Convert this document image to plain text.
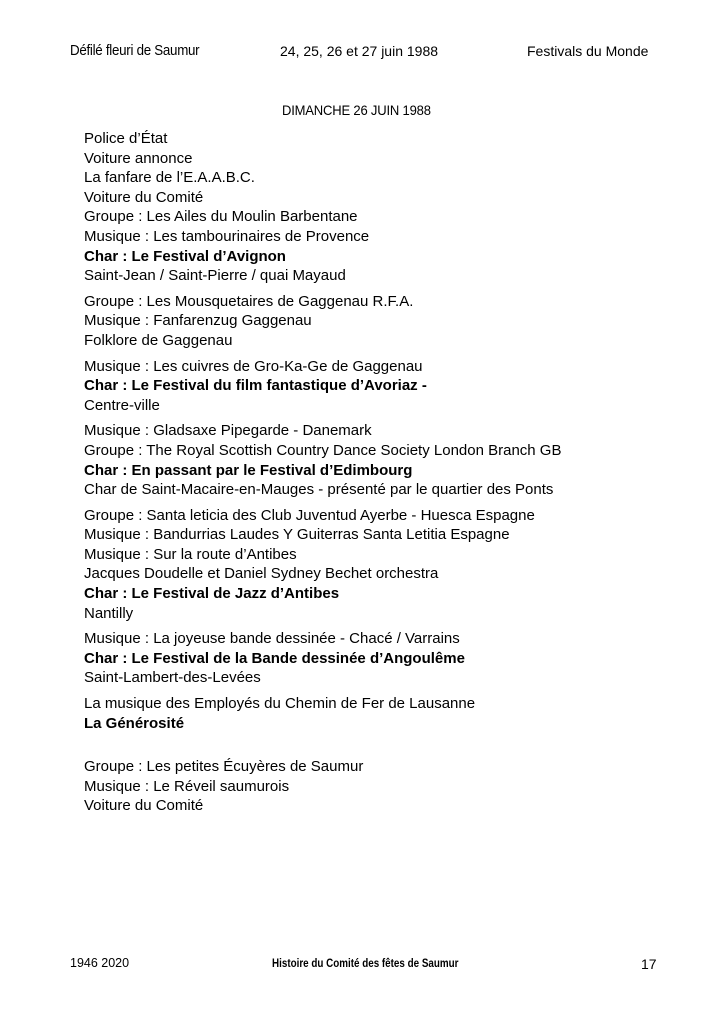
Défilé fleuri de Saumur	24, 25, 26 et 27 juin 1988	Festivals du Monde
DIMANCHE 26 JUIN 1988
Police d’État
Voiture annonce
La fanfare de l’E.A.A.B.C.
Voiture du Comité
Groupe : Les Ailes du Moulin Barbentane
Musique : Les tambourinaires de Provence
Char : Le Festival d’Avignon
Saint-Jean / Saint-Pierre / quai Mayaud
Groupe : Les Mousquetaires de Gaggenau R.F.A.
Musique : Fanfarenzug Gaggenau
Folklore de Gaggenau
Musique : Les cuivres de Gro-Ka-Ge de Gaggenau
Char : Le Festival du film fantastique d’Avoriaz -
Centre-ville
Musique : Gladsaxe Pipegarde - Danemark
Groupe : The Royal Scottish Country Dance Society London Branch GB
Char : En passant par le Festival d’Edimbourg
Char de Saint-Macaire-en-Mauges - présenté par le quartier des Ponts
Groupe : Santa leticia des Club Juventud Ayerbe - Huesca Espagne
Musique : Bandurrias Laudes Y Guiterras Santa Letitia Espagne
Musique : Sur la route d’Antibes
Jacques Doudelle et Daniel Sydney Bechet orchestra
Char : Le Festival de Jazz d’Antibes
Nantilly
Musique : La joyeuse bande dessinée - Chacé / Varrains
Char : Le Festival de la Bande dessinée d’Angoulême
Saint-Lambert-des-Levées
La musique des Employés du Chemin de Fer de Lausanne
La Générosité
Groupe : Les petites Écuyères de Saumur
Musique : Le Réveil saumurois
Voiture du Comité
1946 2020	Histoire du Comité des fêtes de Saumur	17
